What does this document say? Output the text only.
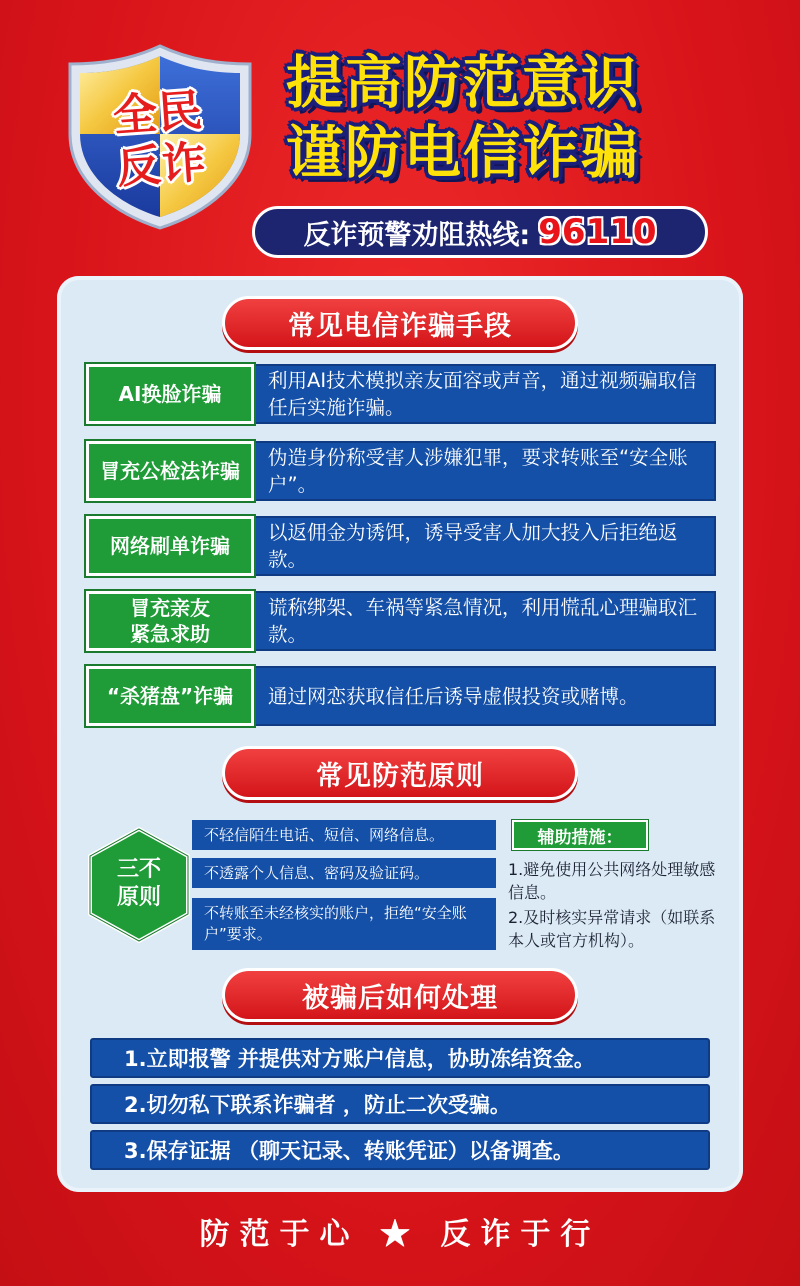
全民
反诈
提高防范意识
谨防电信诈骗
反诈预警劝阻热线: 96110
常见电信诈骗手段
AI换脸诈骗
利用AI技术模拟亲友面容或声音，通过视频骗取信任后实施诈骗。
冒充公检法诈骗
伪造身份称受害人涉嫌犯罪，要求转账至“安全账户”。
网络刷单诈骗
以返佣金为诱饵，诱导受害人加大投入后拒绝返款。
冒充亲友
紧急求助
谎称绑架、车祸等紧急情况，利用慌乱心理骗取汇款。
“杀猪盘”诈骗	通过网恋获取信任后诱导虚假投资或赌博。
常见防范原则
三不
原则
不轻信陌生电话、短信、网络信息。
不透露个人信息、密码及验证码。
不转账至未经核实的账户，拒绝“安全账户”要求。
辅助措施：
1.避免使用公共网络处理敏感信息。
2.及时核实异常请求（如联系本人或官方机构）。
被骗后如何处理
1.立即报警 并提供对方账户信息，协助冻结资金。
2.切勿私下联系诈骗者 ，防止二次受骗。
3.保存证据 （聊天记录、转账凭证）以备调查。
防范于心 ★ 反诈于行
